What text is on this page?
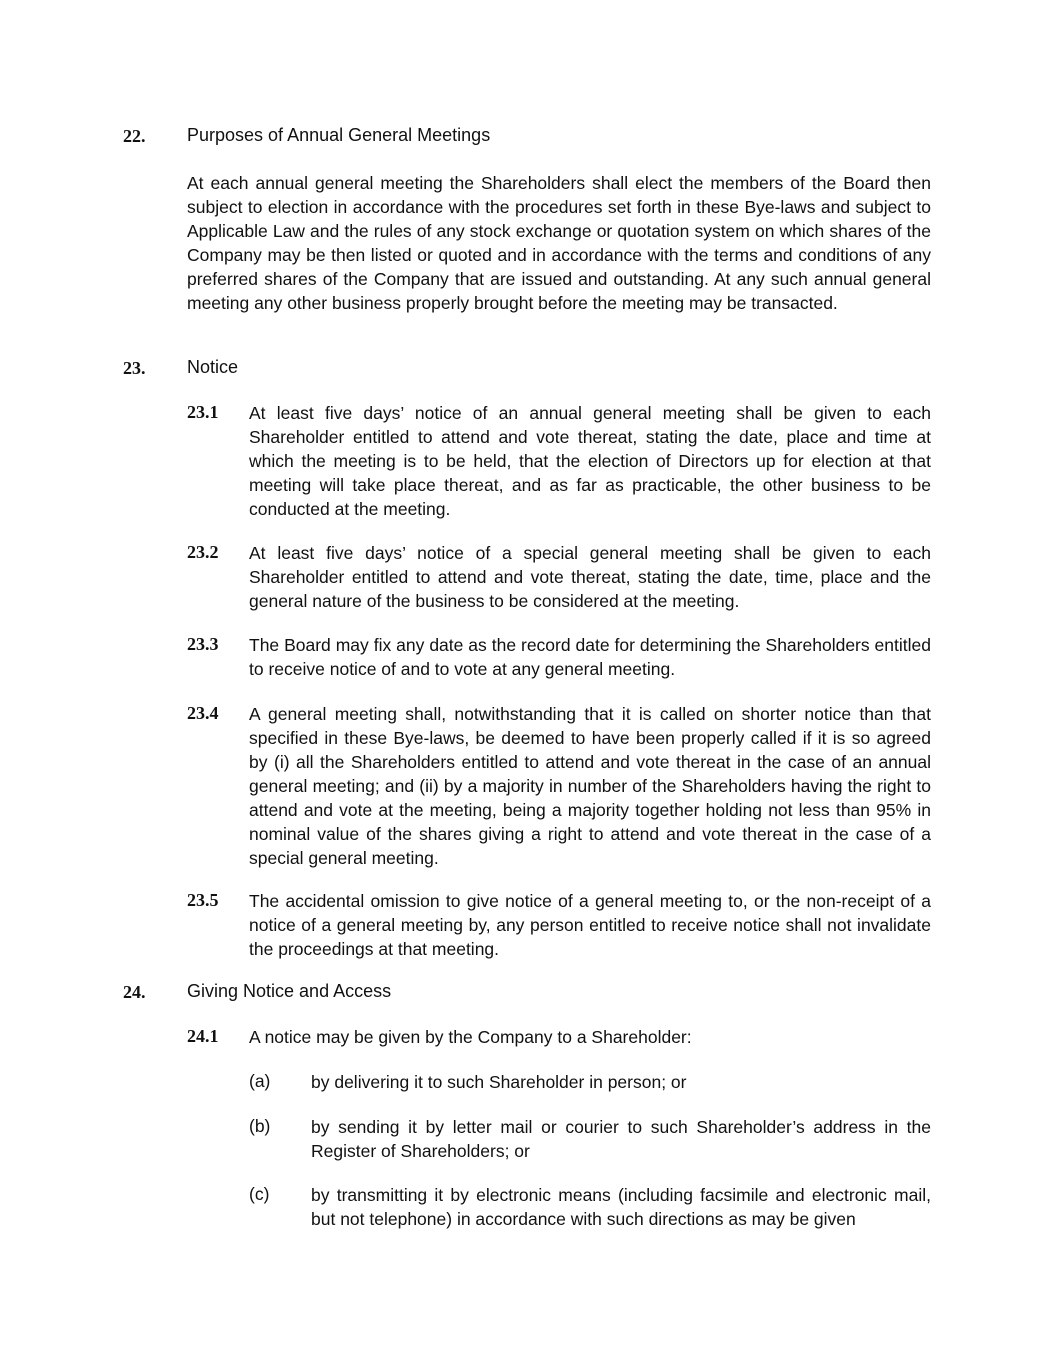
22. Purposes of Annual General Meetings
At each annual general meeting the Shareholders shall elect the members of the Board then subject to election in accordance with the procedures set forth in these Bye-laws and subject to Applicable Law and the rules of any stock exchange or quotation system on which shares of the Company may be then listed or quoted and in accordance with the terms and conditions of any preferred shares of the Company that are issued and outstanding. At any such annual general meeting any other business properly brought before the meeting may be transacted.
23. Notice
23.1 At least five days’ notice of an annual general meeting shall be given to each Shareholder entitled to attend and vote thereat, stating the date, place and time at which the meeting is to be held, that the election of Directors up for election at that meeting will take place thereat, and as far as practicable, the other business to be conducted at the meeting.
23.2 At least five days’ notice of a special general meeting shall be given to each Shareholder entitled to attend and vote thereat, stating the date, time, place and the general nature of the business to be considered at the meeting.
23.3 The Board may fix any date as the record date for determining the Shareholders entitled to receive notice of and to vote at any general meeting.
23.4 A general meeting shall, notwithstanding that it is called on shorter notice than that specified in these Bye-laws, be deemed to have been properly called if it is so agreed by (i) all the Shareholders entitled to attend and vote thereat in the case of an annual general meeting; and (ii) by a majority in number of the Shareholders having the right to attend and vote at the meeting, being a majority together holding not less than 95% in nominal value of the shares giving a right to attend and vote thereat in the case of a special general meeting.
23.5 The accidental omission to give notice of a general meeting to, or the non-receipt of a notice of a general meeting by, any person entitled to receive notice shall not invalidate the proceedings at that meeting.
24. Giving Notice and Access
24.1 A notice may be given by the Company to a Shareholder:
(a) by delivering it to such Shareholder in person; or
(b) by sending it by letter mail or courier to such Shareholder’s address in the Register of Shareholders; or
(c) by transmitting it by electronic means (including facsimile and electronic mail, but not telephone) in accordance with such directions as may be given
